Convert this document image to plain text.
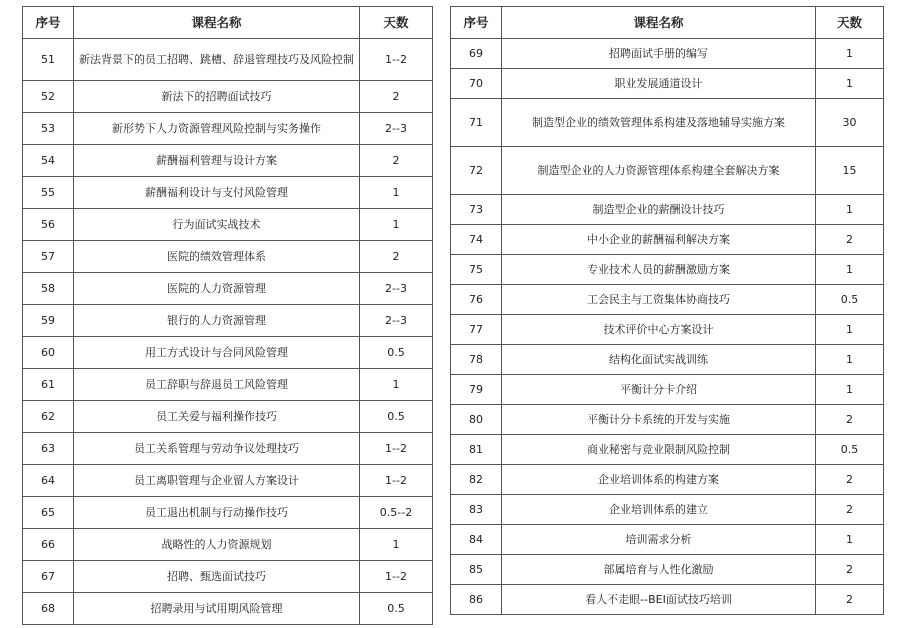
序号	课程名称	天数
51	新法背景下的员工招聘、跳槽、辞退管理技巧及风险控制	1--2
52	新法下的招聘面试技巧	2
53	新形势下人力资源管理风险控制与实务操作	2--3
54	薪酬福利管理与设计方案	2
55	薪酬福利设计与支付风险管理	1
56	行为面试实战技术	1
57	医院的绩效管理体系	2
58	医院的人力资源管理	2--3
59	银行的人力资源管理	2--3
60	用工方式设计与合同风险管理	0.5
61	员工辞职与辞退员工风险管理	1
62	员工关爱与福利操作技巧	0.5
63	员工关系管理与劳动争议处理技巧	1--2
64	员工离职管理与企业留人方案设计	1--2
65	员工退出机制与行动操作技巧	0.5--2
66	战略性的人力资源规划	1
67	招聘、甄选面试技巧	1--2
68	招聘录用与试用期风险管理	0.5
序号	课程名称	天数
69	招聘面试手册的编写	1
70	职业发展通道设计	1
71	制造型企业的绩效管理体系构建及落地辅导实施方案	30
72	制造型企业的人力资源管理体系构建全套解决方案	15
73	制造型企业的薪酬设计技巧	1
74	中小企业的薪酬福利解决方案	2
75	专业技术人员的薪酬激励方案	1
76	工会民主与工资集体协商技巧	0.5
77	技术评价中心方案设计	1
78	结构化面试实战训练	1
79	平衡计分卡介绍	1
80	平衡计分卡系统的开发与实施	2
81	商业秘密与竞业限制风险控制	0.5
82	企业培训体系的构建方案	2
83	企业培训体系的建立	2
84	培训需求分析	1
85	部属培育与人性化激励	2
86	看人不走眼--BEI面试技巧培训	2
